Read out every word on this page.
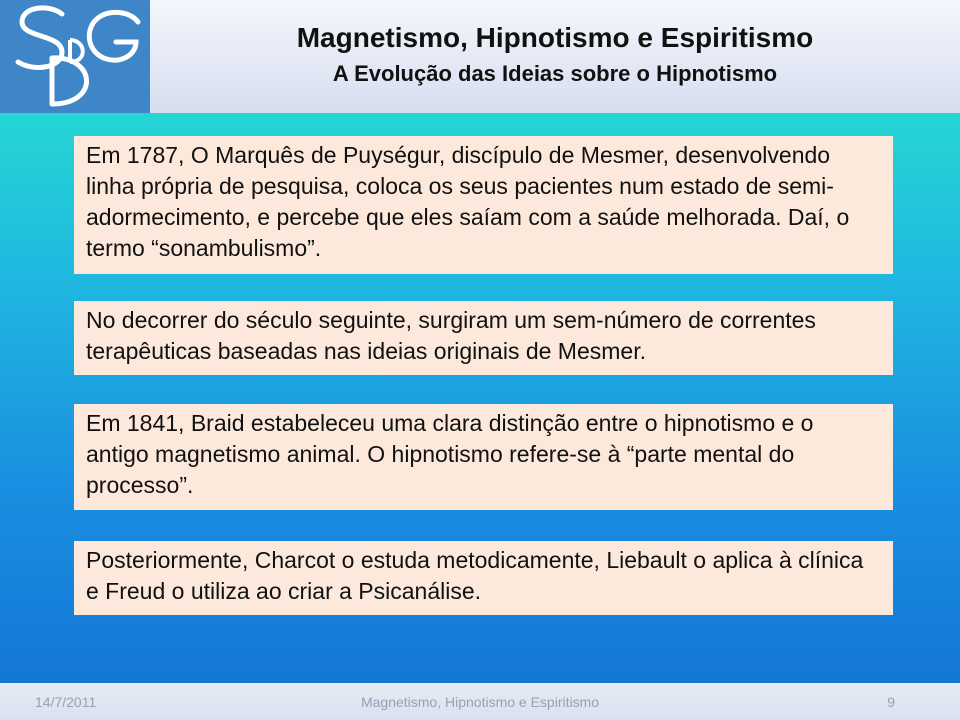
Magnetismo, Hipnotismo e Espiritismo
A Evolução das Ideias sobre o Hipnotismo
Em 1787, O Marquês de Puységur, discípulo de Mesmer, desenvolvendo linha própria de pesquisa, coloca os seus pacientes num estado de semi-adormecimento, e percebe que eles saíam com a saúde melhorada. Daí, o termo “sonambulismo”.
No decorrer do século seguinte, surgiram um sem-número de correntes terapêuticas baseadas nas ideias originais de Mesmer.
Em 1841, Braid estabeleceu uma clara distinção entre o hipnotismo e o antigo magnetismo animal. O hipnotismo refere-se à “parte mental do processo”.
Posteriormente, Charcot o estuda metodicamente, Liebault o aplica à clínica e Freud o utiliza ao criar a Psicanálise.
14/7/2011	Magnetismo, Hipnotismo e Espiritismo	9
